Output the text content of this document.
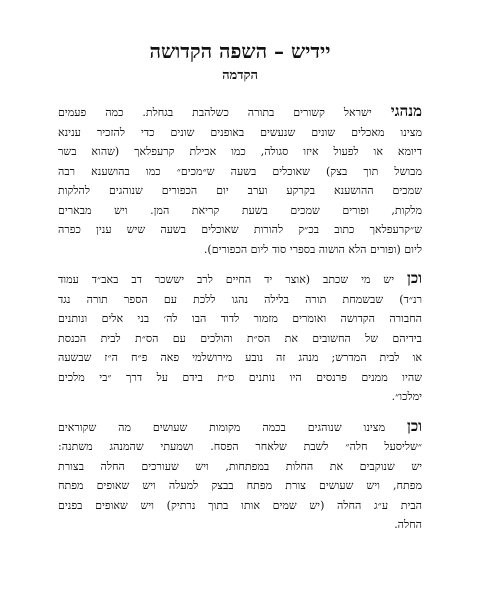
יידיש – השפה הקדושה
הקדמה
מנהגי ישראל קשורים בתורה כשלהבת בגחלת. כמה פעמים
מצינו מאכלים שונים שנעשים באופנים שונים כדי להזכיר ענינא
דיומא או לפעול איזו סגולה, כמו אכילת קרעפלאך (שהוא בשר
מבושל תוך בצק) שאוכלים בשעה ש״מכים״ כמו בהושענא רבה
שמכים ההושענא בקרקע וערב יום הכפורים שנוהגים להלקות
מלקות, ופורים שמכים בשעת קריאת המן. ויש מבארים
ש״קרעפלאך כתוב בכ״ק להורות שאוכלים בשעה שיש ענין כפרה
ליום (ופורים הלא הושוה בספרי סוד ליום הכפורים).
וכן יש מי שכתב (אוצר יד החיים לרב יששכר דב באב״ד עמוד
רנ״ד) שבשמחת תורה בלילה נהגו ללכת עם הספר תורה נגד
החבורה הקדושה ואומרים מזמור לדוד הבו לה׳ בני אלים ונותנים
בידיהם של החשובים את הס״ת והולכים עם הס״ת לבית הכנסת
או לבית המדרש; מנהג זה נובע מירושלמי פאה פ״ח ה״ז שבשעה
שהיו ממנים פרנסים היו נותנים ס״ת בידם על דרך ״בי מלכים
ימלכו״.
וכן מצינו שנוהגים בכמה מקומות שעושים מה שקוראים
״שליסעל חלה״ לשבת שלאחר הפסח. ושמעתי שהמנהג משתנה:
יש שנוקבים את החלות במפתחות, ויש שעורכים החלה בצורת
מפתח, ויש שעושים צורת מפתח בבצק למעלה ויש שאופים מפתח
הבית ע״ג החלה (יש שמים אותו בתוך נרתיק) ויש שאופים בפנים
החלה.
